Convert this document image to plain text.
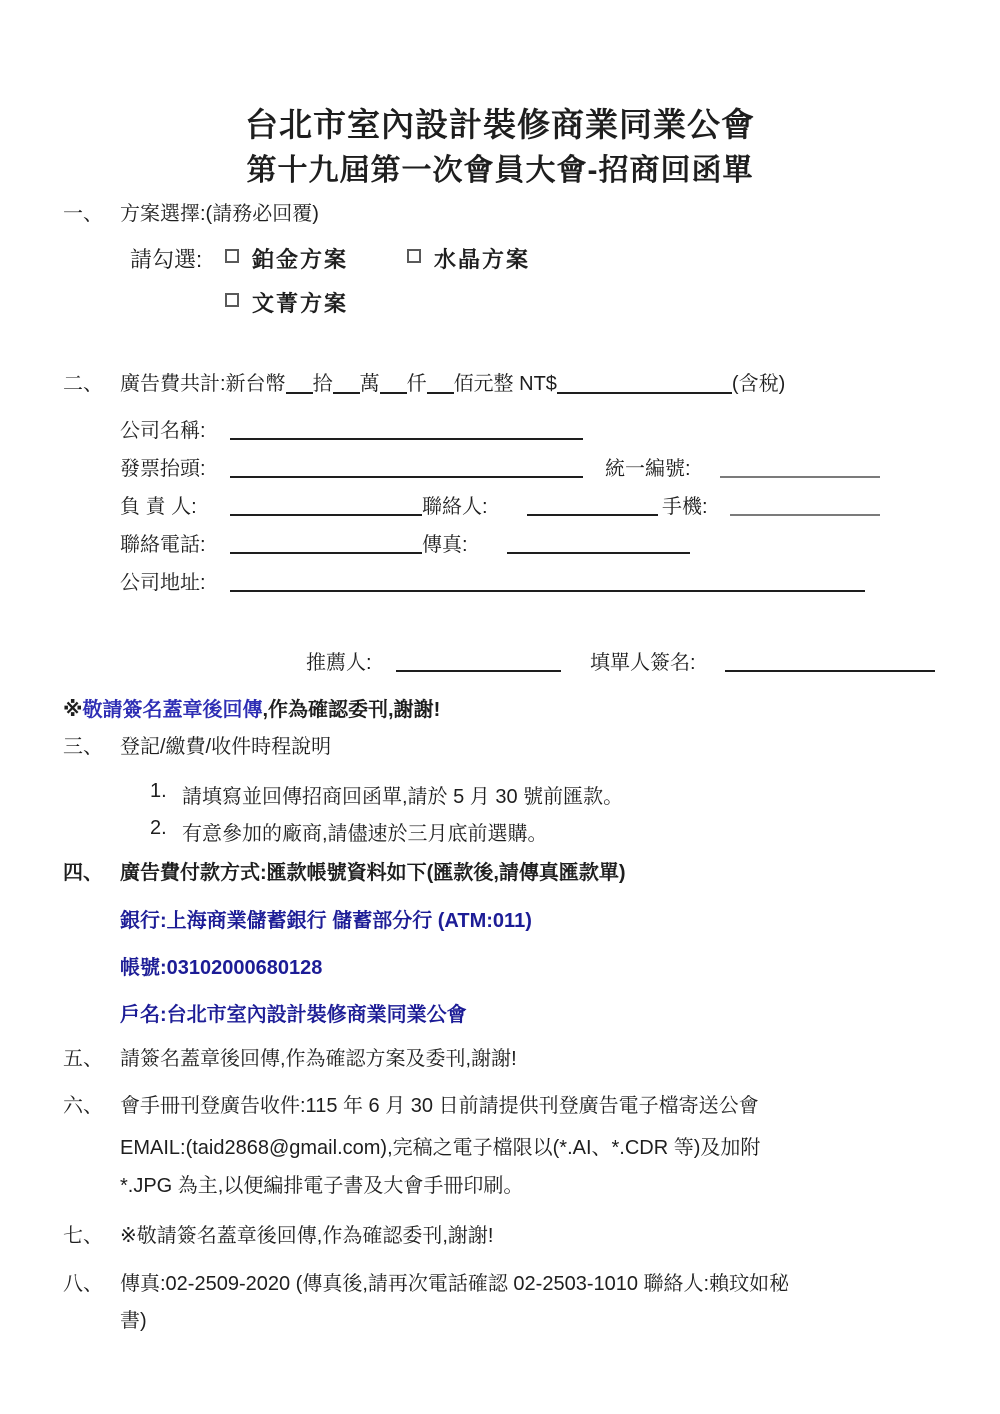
台北市室內設計裝修商業同業公會
第十九屆第一次會員大會-招商回函單
一、 方案選擇:(請務必回覆)
請勾選: 鉑金方案	水晶方案
文菁方案
二、 廣告費共計:新台幣 拾 萬 仟 佰元整 NT$	(含稅)
公司名稱:
發票抬頭:	統一編號:
負 責 人:	聯絡人:	手機:
聯絡電話:	傳真:
公司地址:
推薦人:	填單人簽名:
※敬請簽名蓋章後回傳,作為確認委刊,謝謝!
三、 登記/繳費/收件時程說明
1. 請填寫並回傳招商回函單,請於 5 月 30 號前匯款。
2. 有意參加的廠商,請儘速於三月底前選購。
四、 廣告費付款方式:匯款帳號資料如下(匯款後,請傳真匯款單)
銀行:上海商業儲蓄銀行 儲蓄部分行 (ATM:011)
帳號:03102000680128
戶名:台北市室內設計裝修商業同業公會
五、 請簽名蓋章後回傳,作為確認方案及委刊,謝謝!
六、 會手冊刊登廣告收件:115 年 6 月 30 日前請提供刊登廣告電子檔寄送公會
EMAIL:(taid2868@gmail.com),完稿之電子檔限以(*.AI、*.CDR 等)及加附
*.JPG 為主,以便編排電子書及大會手冊印刷。
七、 ※敬請簽名蓋章後回傳,作為確認委刊,謝謝!
八、 傳真:02-2509-2020 (傳真後,請再次電話確認 02-2503-1010 聯絡人:賴玟如秘
書)
